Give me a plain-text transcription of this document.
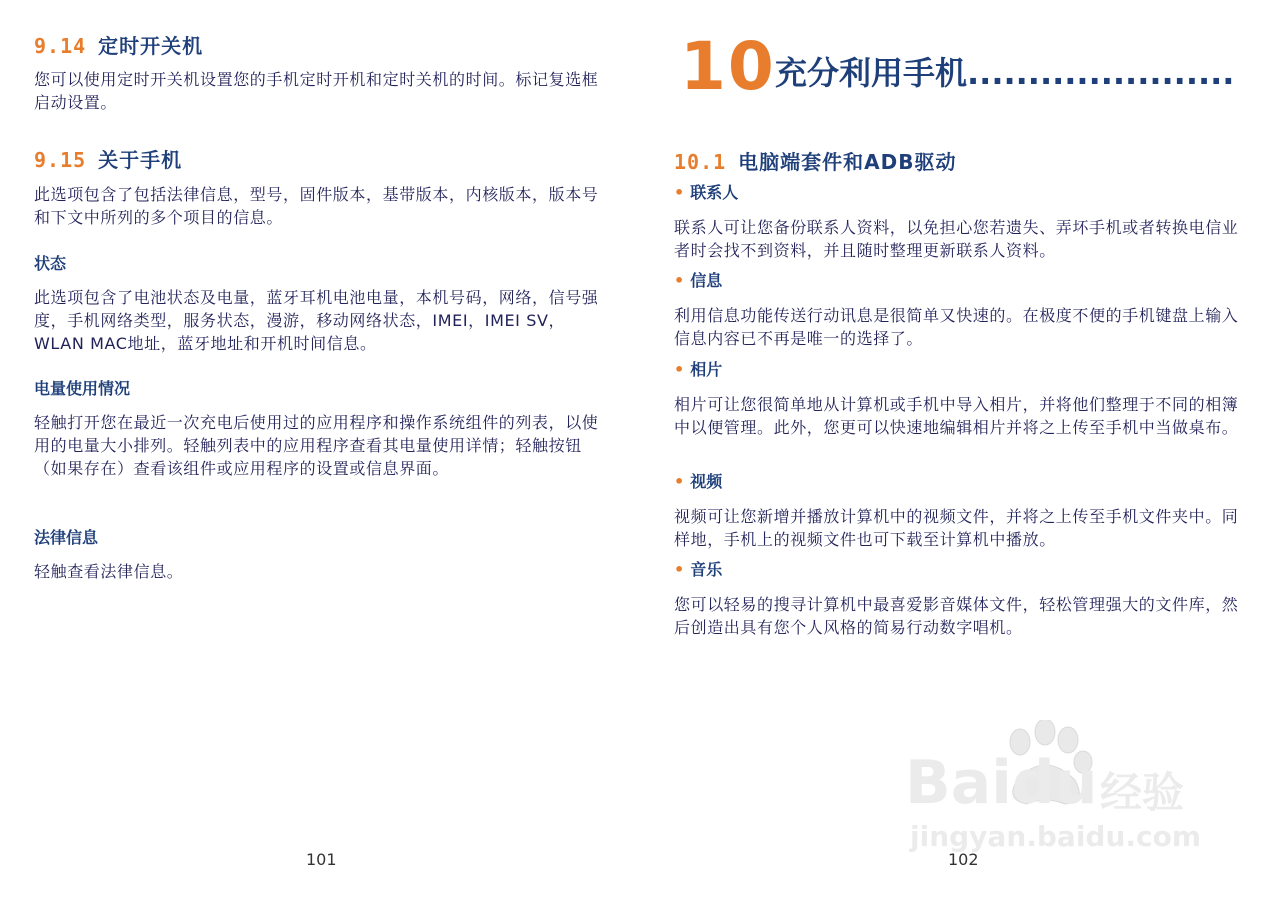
9.14 定时开关机
您可以使用定时开关机设置您的手机定时开机和定时关机的时间。标记复选框启动设置。
9.15 关于手机
此选项包含了包括法律信息，型号，固件版本，基带版本，内核版本，版本号和下文中所列的多个项目的信息。
状态
此选项包含了电池状态及电量，蓝牙耳机电池电量，本机号码，网络，信号强度，手机网络类型，服务状态，漫游，移动网络状态，IMEI，IMEI SV，WLAN MAC地址，蓝牙地址和开机时间信息。
电量使用情况
轻触打开您在最近一次充电后使用过的应用程序和操作系统组件的列表，以使用的电量大小排列。轻触列表中的应用程序查看其电量使用详情；轻触按钮（如果存在）查看该组件或应用程序的设置或信息界面。
法律信息
轻触查看法律信息。
101
10 充分利用手机......................
10.1 电脑端套件和ADB驱动
• 联系人
联系人可让您备份联系人资料，以免担心您若遗失、弄坏手机或者转换电信业者时会找不到资料，并且随时整理更新联系人资料。
• 信息
利用信息功能传送行动讯息是很简单又快速的。在极度不便的手机键盘上输入信息内容已不再是唯一的选择了。
• 相片
相片可让您很简单地从计算机或手机中导入相片，并将他们整理于不同的相簿中以便管理。此外，您更可以快速地编辑相片并将之上传至手机中当做桌布。
• 视频
视频可让您新增并播放计算机中的视频文件，并将之上传至手机文件夹中。同样地，手机上的视频文件也可下载至计算机中播放。
• 音乐
您可以轻易的搜寻计算机中最喜爱影音媒体文件，轻松管理强大的文件库，然后创造出具有您个人风格的简易行动数字唱机。
102
Baidu 经验
jingyan.baidu.com
